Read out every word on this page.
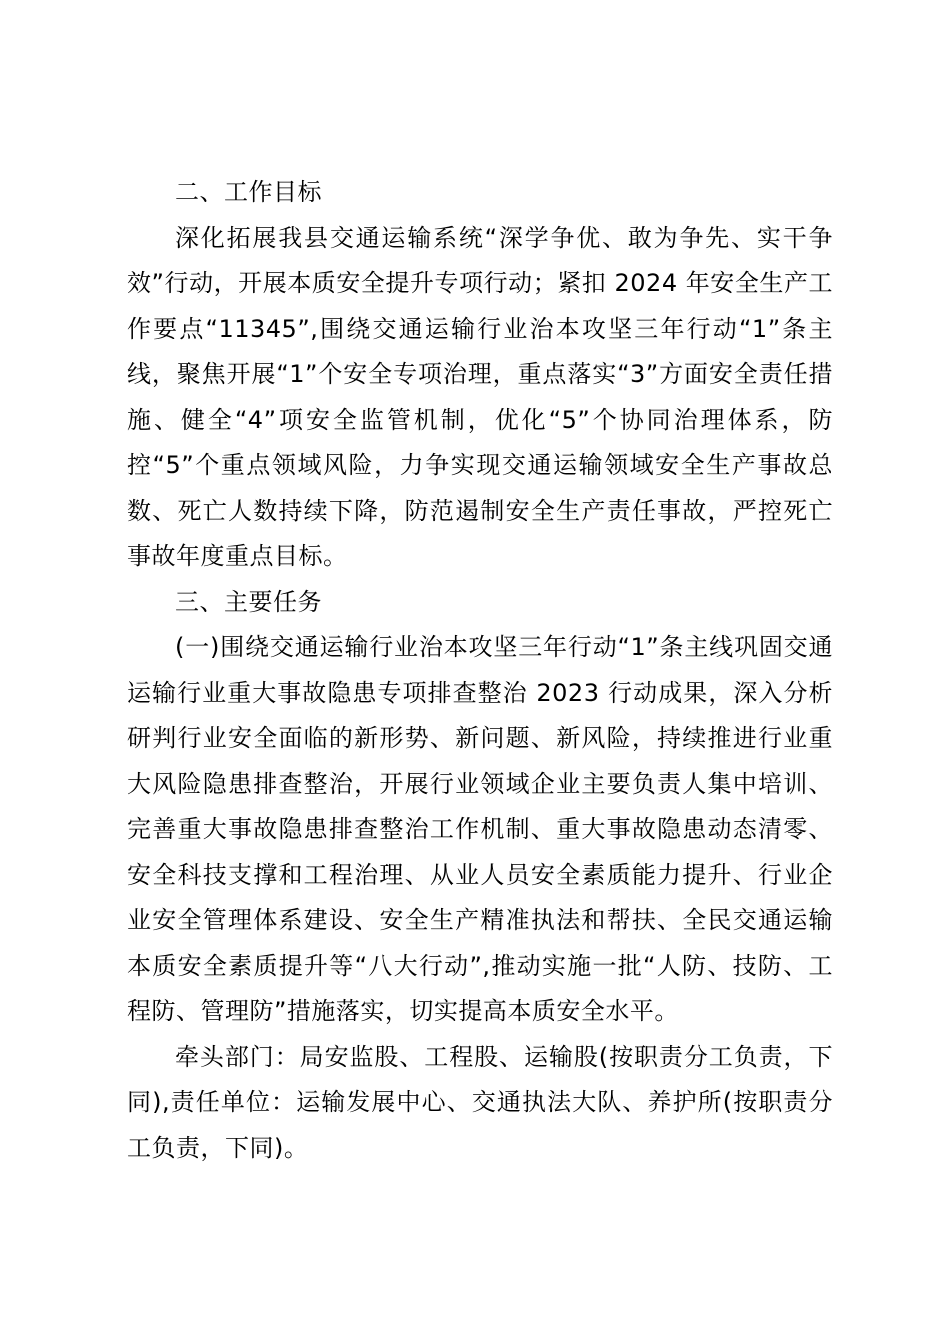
二、工作目标

深化拓展我县交通运输系统“深学争优、敢为争先、实干争效”行动，开展本质安全提升专项行动；紧扣 2024 年安全生产工作要点“11345”,围绕交通运输行业治本攻坚三年行动“1”条主线，聚焦开展“1”个安全专项治理，重点落实“3”方面安全责任措施、健全“4”项安全监管机制，优化“5”个协同治理体系，防控“5”个重点领域风险，力争实现交通运输领域安全生产事故总数、死亡人数持续下降，防范遏制安全生产责任事故，严控死亡事故年度重点目标。

三、主要任务

(一)围绕交通运输行业治本攻坚三年行动“1”条主线巩固交通运输行业重大事故隐患专项排查整治 2023 行动成果，深入分析研判行业安全面临的新形势、新问题、新风险，持续推进行业重大风险隐患排查整治，开展行业领域企业主要负责人集中培训、完善重大事故隐患排查整治工作机制、重大事故隐患动态清零、安全科技支撑和工程治理、从业人员安全素质能力提升、行业企业安全管理体系建设、安全生产精准执法和帮扶、全民交通运输本质安全素质提升等“八大行动”,推动实施一批“人防、技防、工程防、管理防”措施落实，切实提高本质安全水平。

牵头部门：局安监股、工程股、运输股(按职责分工负责，下同),责任单位：运输发展中心、交通执法大队、养护所(按职责分工负责，下同)。
